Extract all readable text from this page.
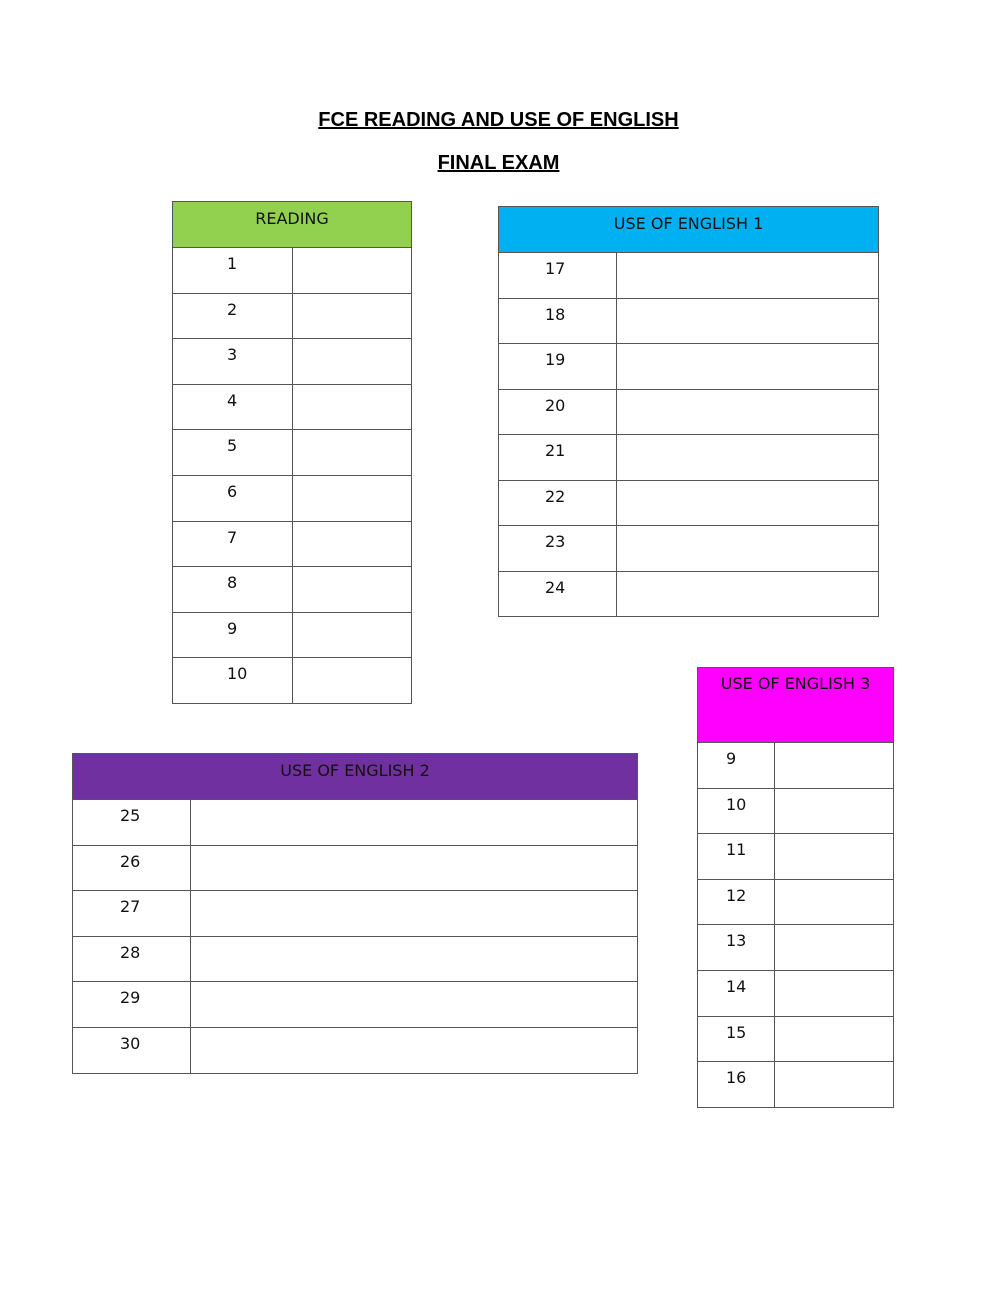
FCE READING AND USE OF ENGLISH
FINAL EXAM
READING	
1	
2	
3	
4	
5	
6	
7	
8	
9	
10	
USE OF ENGLISH 1	
17	
18	
19	
20	
21	
22	
23	
24	
USE OF ENGLISH 3	
9	
10	
11	
12	
13	
14	
15	
16	
USE OF ENGLISH 2	
25	
26	
27	
28	
29	
30	
